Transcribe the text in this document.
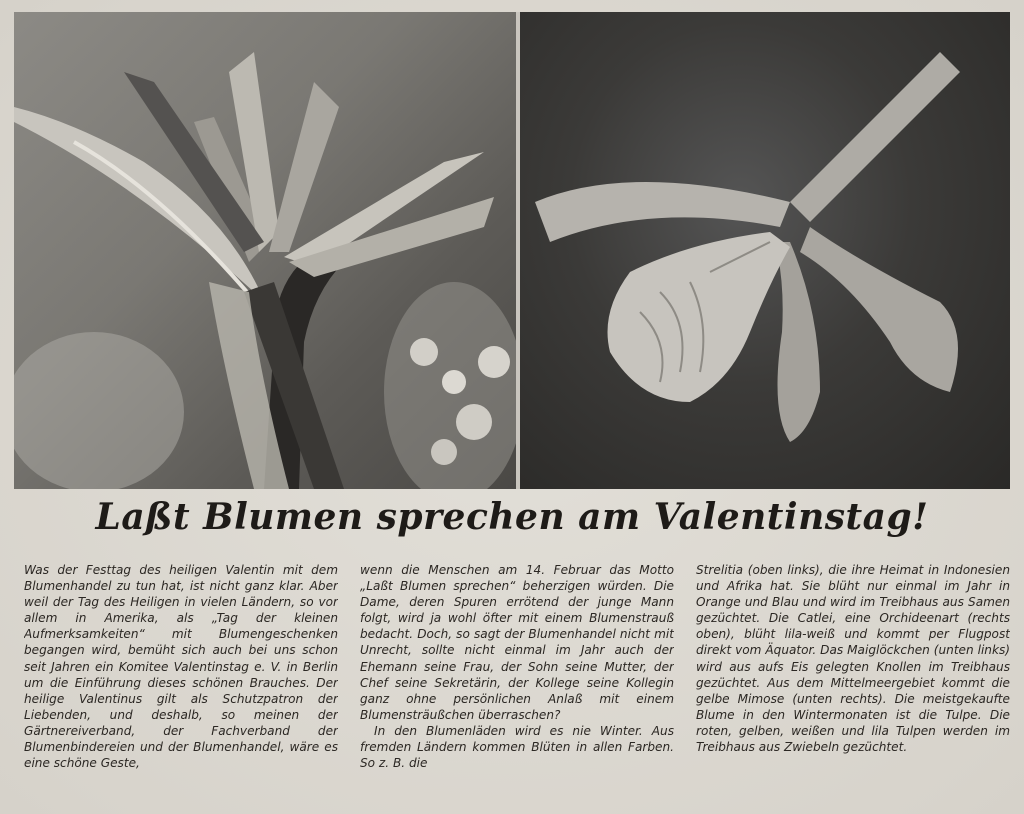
Laßt Blumen sprechen am Valentinstag!

Was der Festtag des heiligen Valentin mit dem Blumenhandel zu tun hat, ist nicht ganz klar. Aber weil der Tag des Heiligen in vielen Ländern, so vor allem in Amerika, als „Tag der kleinen Aufmerksamkeiten“ mit Blumengeschenken begangen wird, bemüht sich auch bei uns schon seit Jahren ein Komitee Valentinstag e. V. in Berlin um die Einführung dieses schönen Brauches. Der heilige Valentinus gilt als Schutzpatron der Liebenden, und deshalb, so meinen der Gärtnereiverband, der Fachverband der Blumenbindereien und der Blumenhandel, wäre es eine schöne Geste,

wenn die Menschen am 14. Februar das Motto „Laßt Blumen sprechen“ beherzigen würden. Die Dame, deren Spuren errötend der junge Mann folgt, wird ja wohl öfter mit einem Blumenstrauß bedacht. Doch, so sagt der Blumenhandel nicht mit Unrecht, sollte nicht einmal im Jahr auch der Ehemann seine Frau, der Sohn seine Mutter, der Chef seine Sekretärin, der Kollege seine Kollegin ganz ohne persönlichen Anlaß mit einem Blumensträußchen überraschen?

In den Blumenläden wird es nie Winter. Aus fremden Ländern kommen Blüten in allen Farben. So z. B. die

Strelitia (oben links), die ihre Heimat in Indonesien und Afrika hat. Sie blüht nur einmal im Jahr in Orange und Blau und wird im Treibhaus aus Samen gezüchtet. Die Catlei, eine Orchideenart (rechts oben), blüht lila-weiß und kommt per Flugpost direkt vom Äquator. Das Maiglöckchen (unten links) wird aus aufs Eis gelegten Knollen im Treibhaus gezüchtet. Aus dem Mittelmeergebiet kommt die gelbe Mimose (unten rechts). Die meistgekaufte Blume in den Wintermonaten ist die Tulpe. Die roten, gelben, weißen und lila Tulpen werden im Treibhaus aus Zwiebeln gezüchtet.
